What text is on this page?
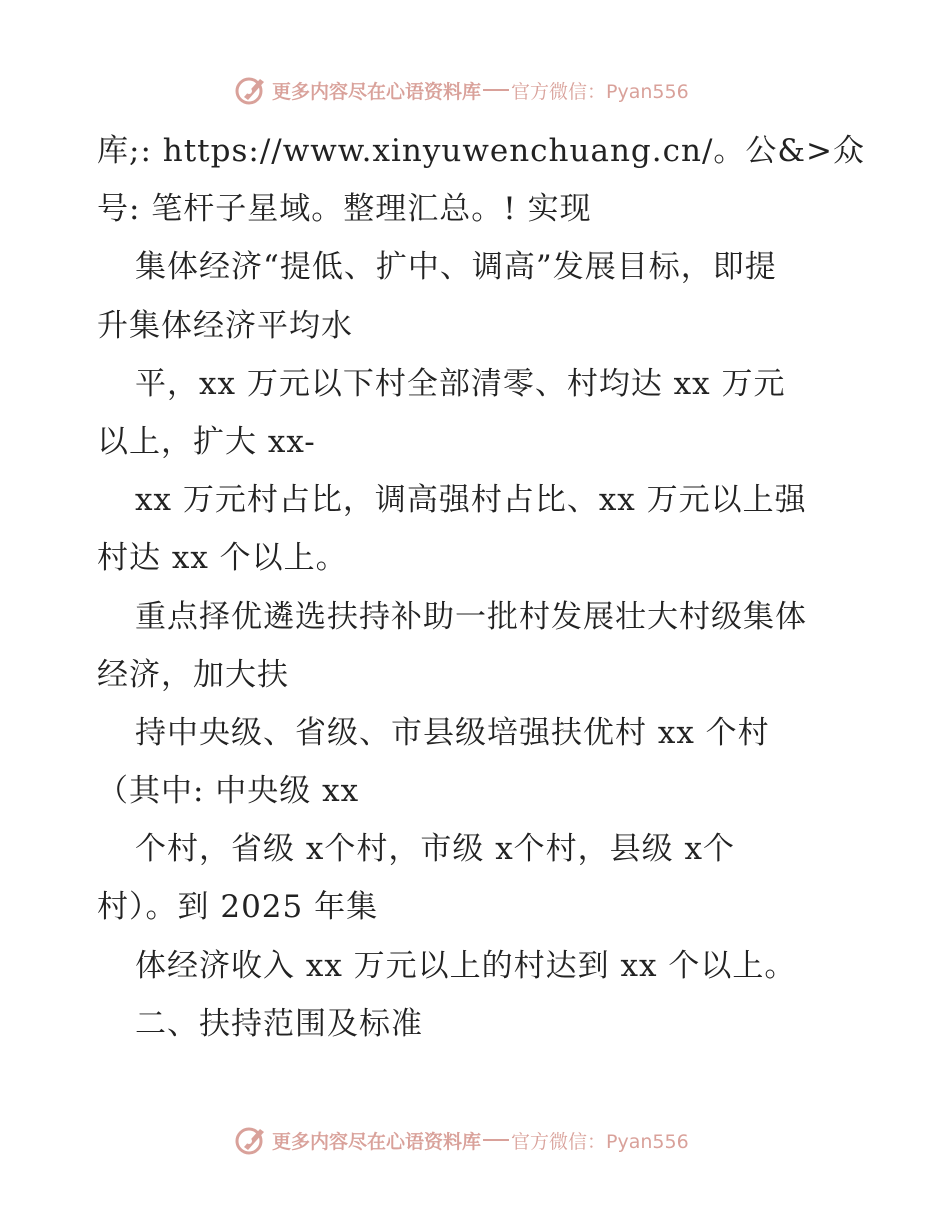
更多内容尽在心语资料库 官方微信：Pyan556
库;: https://www.xinyuwenchuang.cn/。公&>众
号: 笔杆子星域。整理汇总。! 实现
集体经济“提低、扩中、调高”发展目标，即提
升集体经济平均水
平，xx 万元以下村全部清零、村均达 xx 万元
以上，扩大 xx-
xx 万元村占比，调高强村占比、xx 万元以上强
村达 xx 个以上。
重点择优遴选扶持补助一批村发展壮大村级集体
经济，加大扶
持中央级、省级、市县级培强扶优村 xx 个村
（其中: 中央级 xx
个村，省级 x个村，市级 x个村，县级 x个
村）。到 2025 年集
体经济收入 xx 万元以上的村达到 xx 个以上。
二、扶持范围及标准
更多内容尽在心语资料库 官方微信：Pyan556
